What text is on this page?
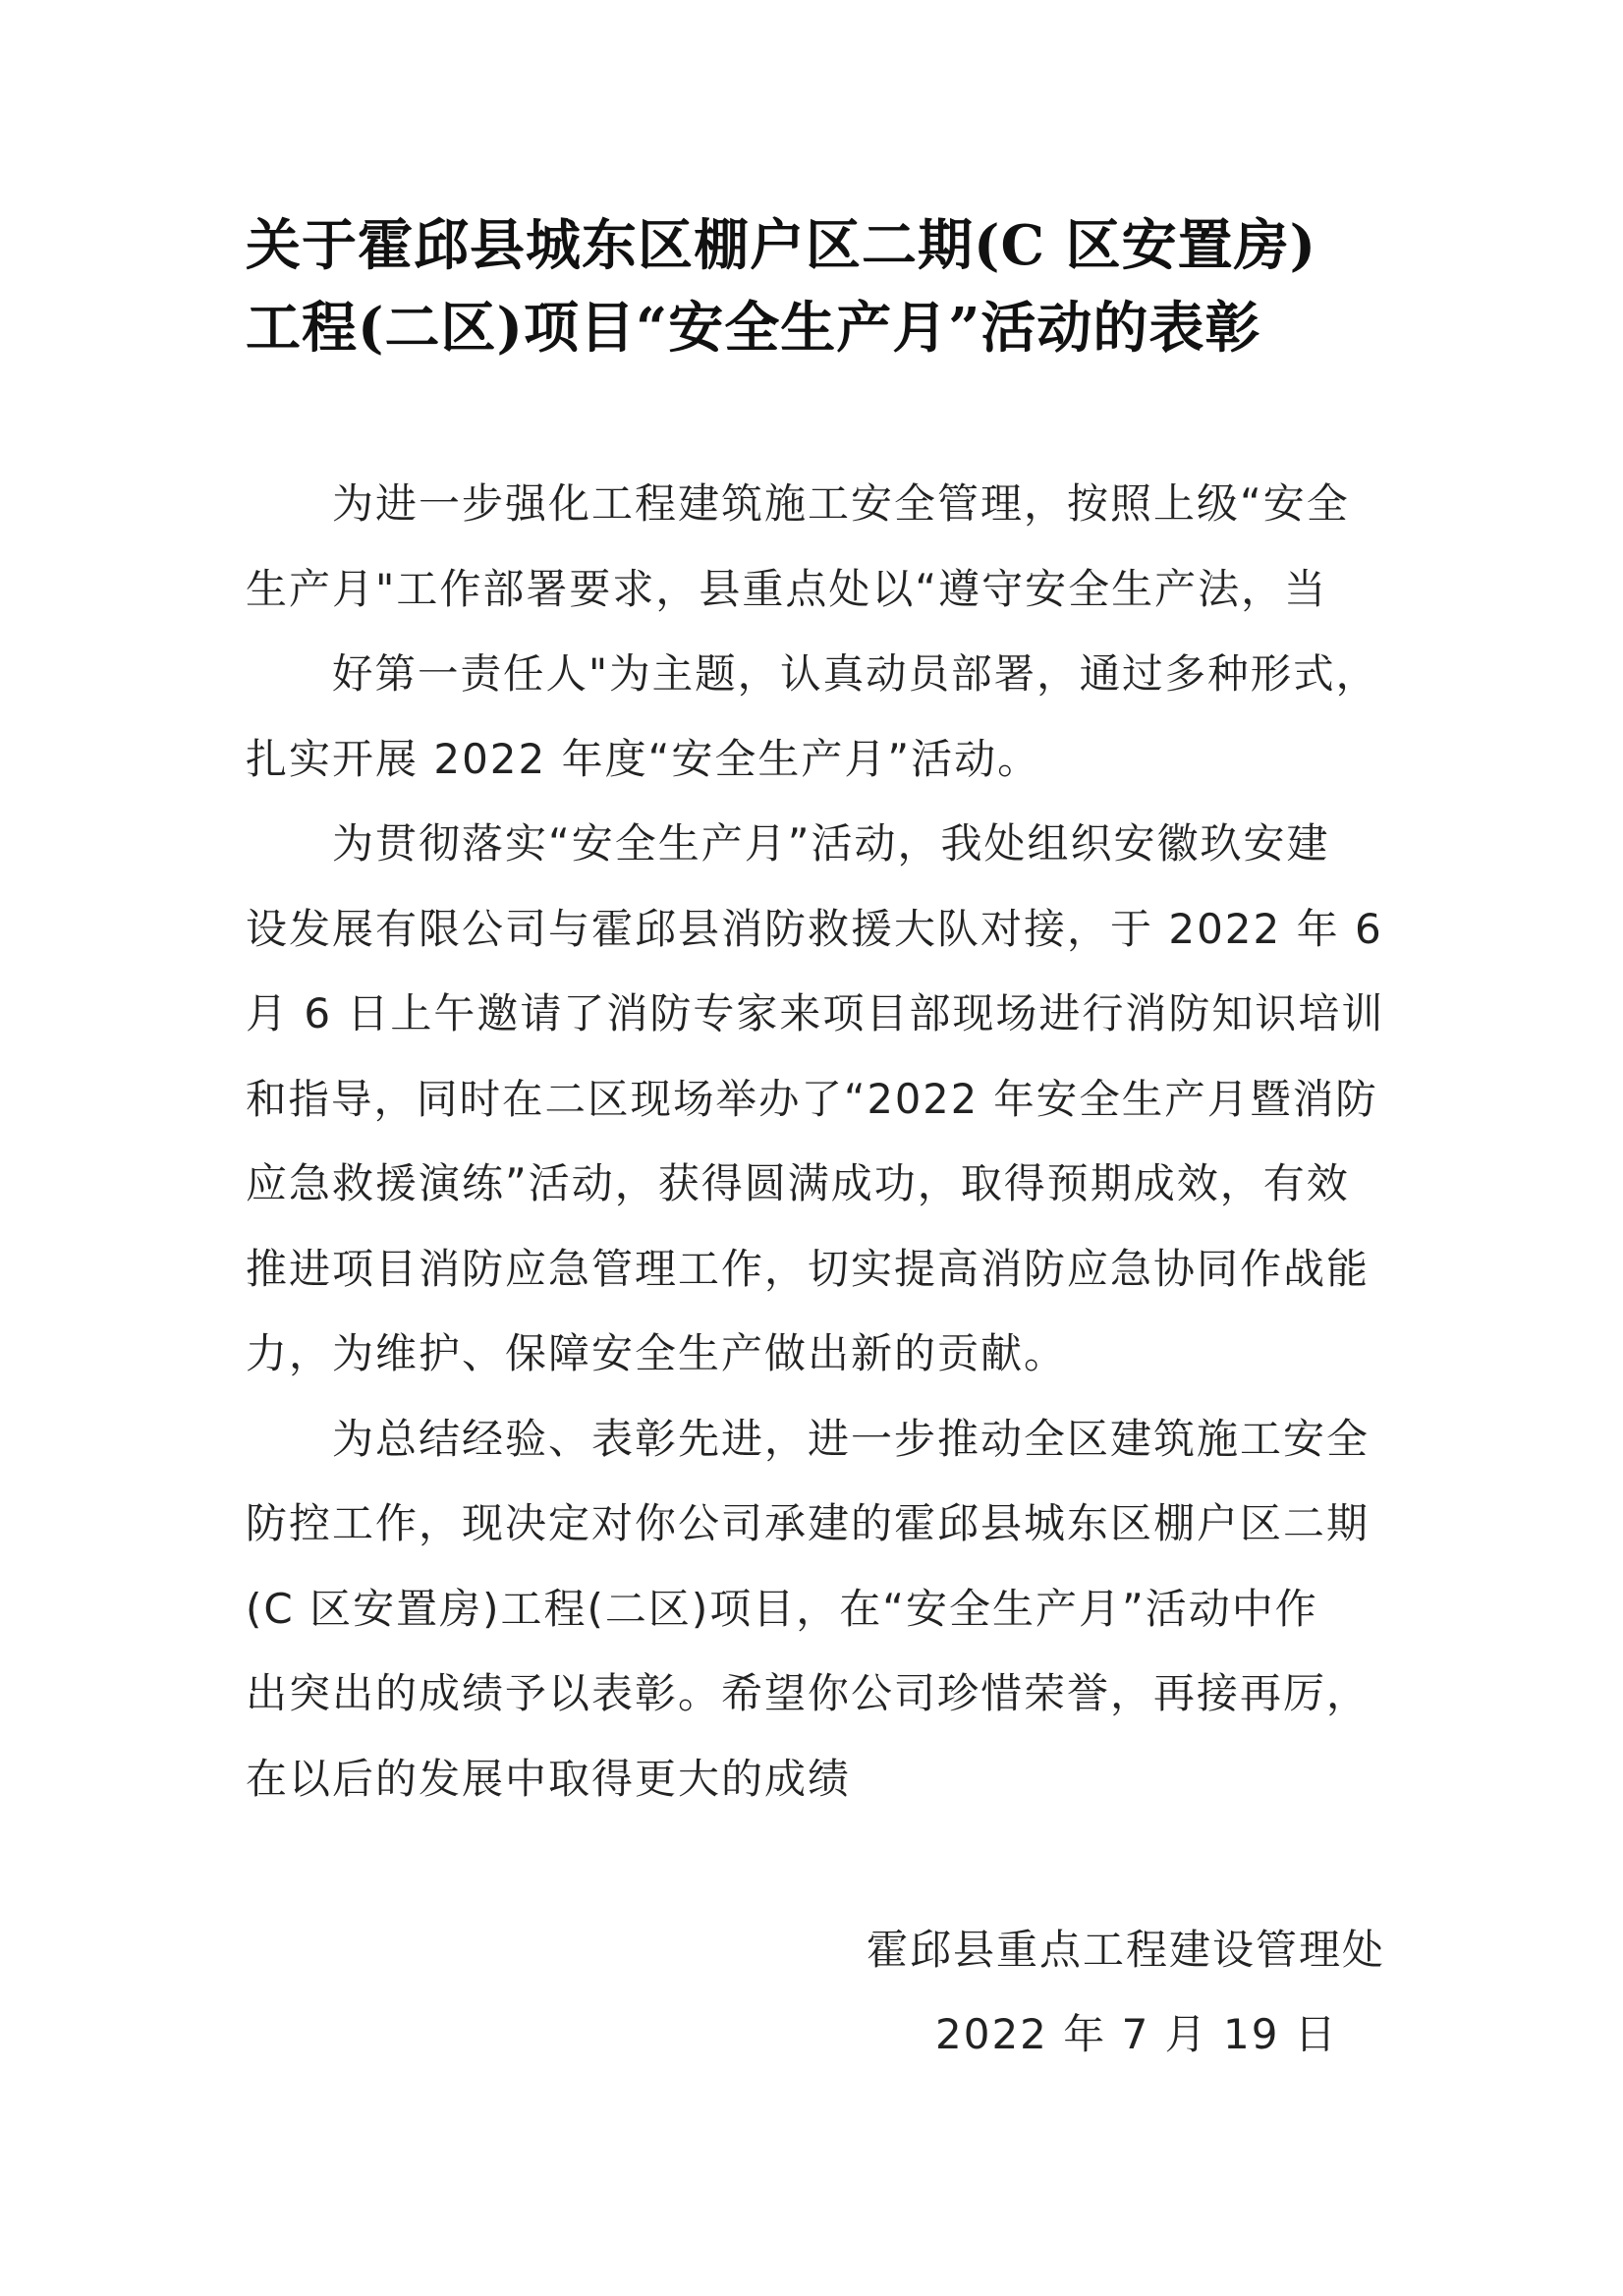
关于霍邱县城东区棚户区二期(C 区安置房)
工程(二区)项目“安全生产月”活动的表彰
为进一步强化工程建筑施工安全管理，按照上级“安全
生产月"工作部署要求，县重点处以“遵守安全生产法，当
好第一责任人"为主题，认真动员部署，通过多种形式，
扎实开展 2022 年度“安全生产月”活动。
为贯彻落实“安全生产月”活动，我处组织安徽玖安建
设发展有限公司与霍邱县消防救援大队对接，于 2022 年 6
月 6 日上午邀请了消防专家来项目部现场进行消防知识培训
和指导，同时在二区现场举办了“2022 年安全生产月暨消防
应急救援演练”活动，获得圆满成功，取得预期成效，有效
推进项目消防应急管理工作，切实提高消防应急协同作战能
力，为维护、保障安全生产做出新的贡献。
为总结经验、表彰先进，进一步推动全区建筑施工安全
防控工作，现决定对你公司承建的霍邱县城东区棚户区二期
(C 区安置房)工程(二区)项目，在“安全生产月”活动中作
出突出的成绩予以表彰。希望你公司珍惜荣誉，再接再厉，
在以后的发展中取得更大的成绩
霍邱县重点工程建设管理处
2022 年 7 月 19 日
